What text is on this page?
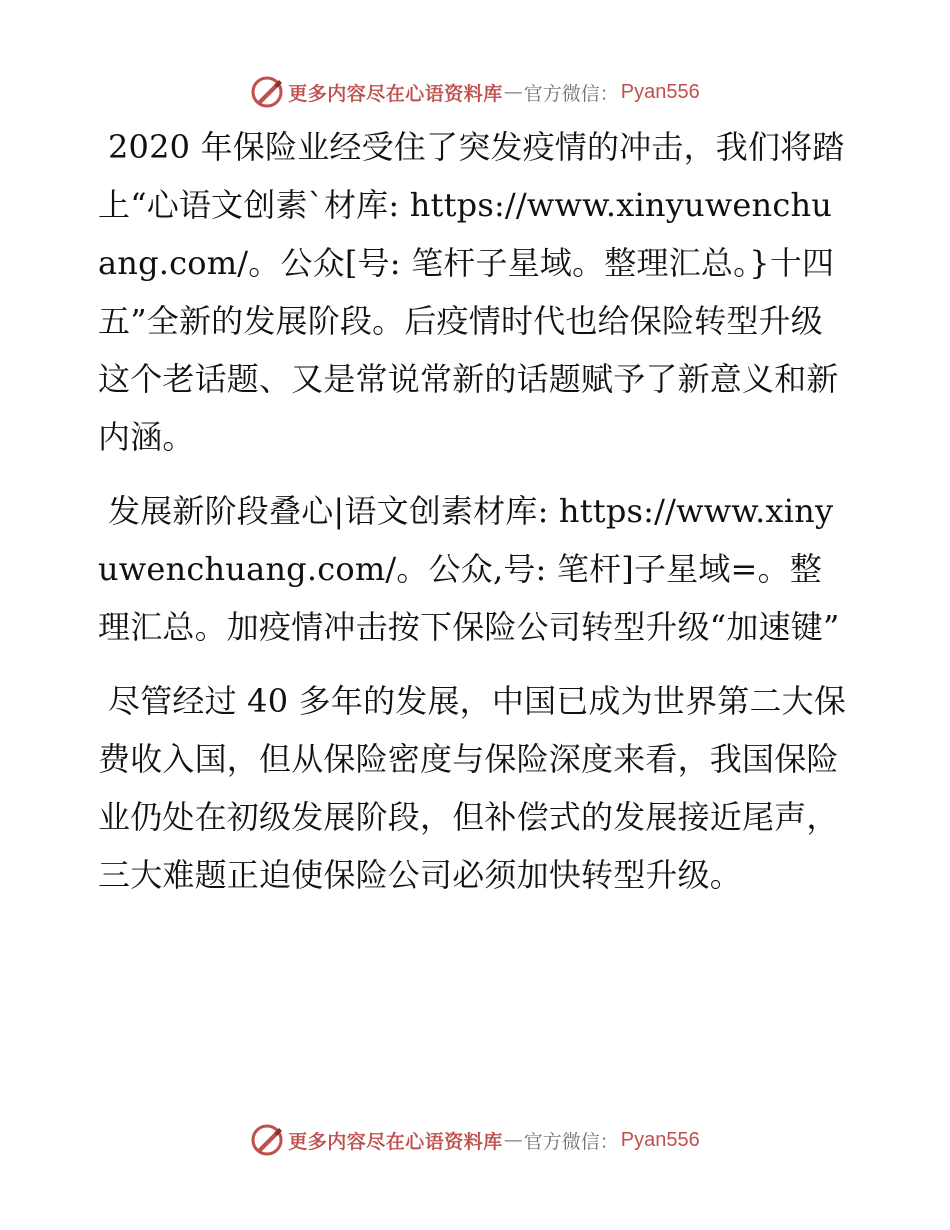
更多内容尽在心语资料库 — 官方微信： Pyan556

2020 年保险业经受住了突发疫情的冲击，我们将踏上“心语文创素`材库: https://www.xinyuwenchuang.com/。公众[号: 笔杆子星域。整理汇总。}十四五”全新的发展阶段。后疫情时代也给保险转型升级这个老话题、又是常说常新的话题赋予了新意义和新内涵。

发展新阶段叠心|语文创素材库: https://www.xinyuwenchuang.com/。公众,号: 笔杆]子星域=。整理汇总。加疫情冲击按下保险公司转型升级“加速键”

尽管经过 40 多年的发展，中国已成为世界第二大保费收入国，但从保险密度与保险深度来看，我国保险业仍处在初级发展阶段，但补偿式的发展接近尾声，三大难题正迫使保险公司必须加快转型升级。

更多内容尽在心语资料库 — 官方微信： Pyan556
